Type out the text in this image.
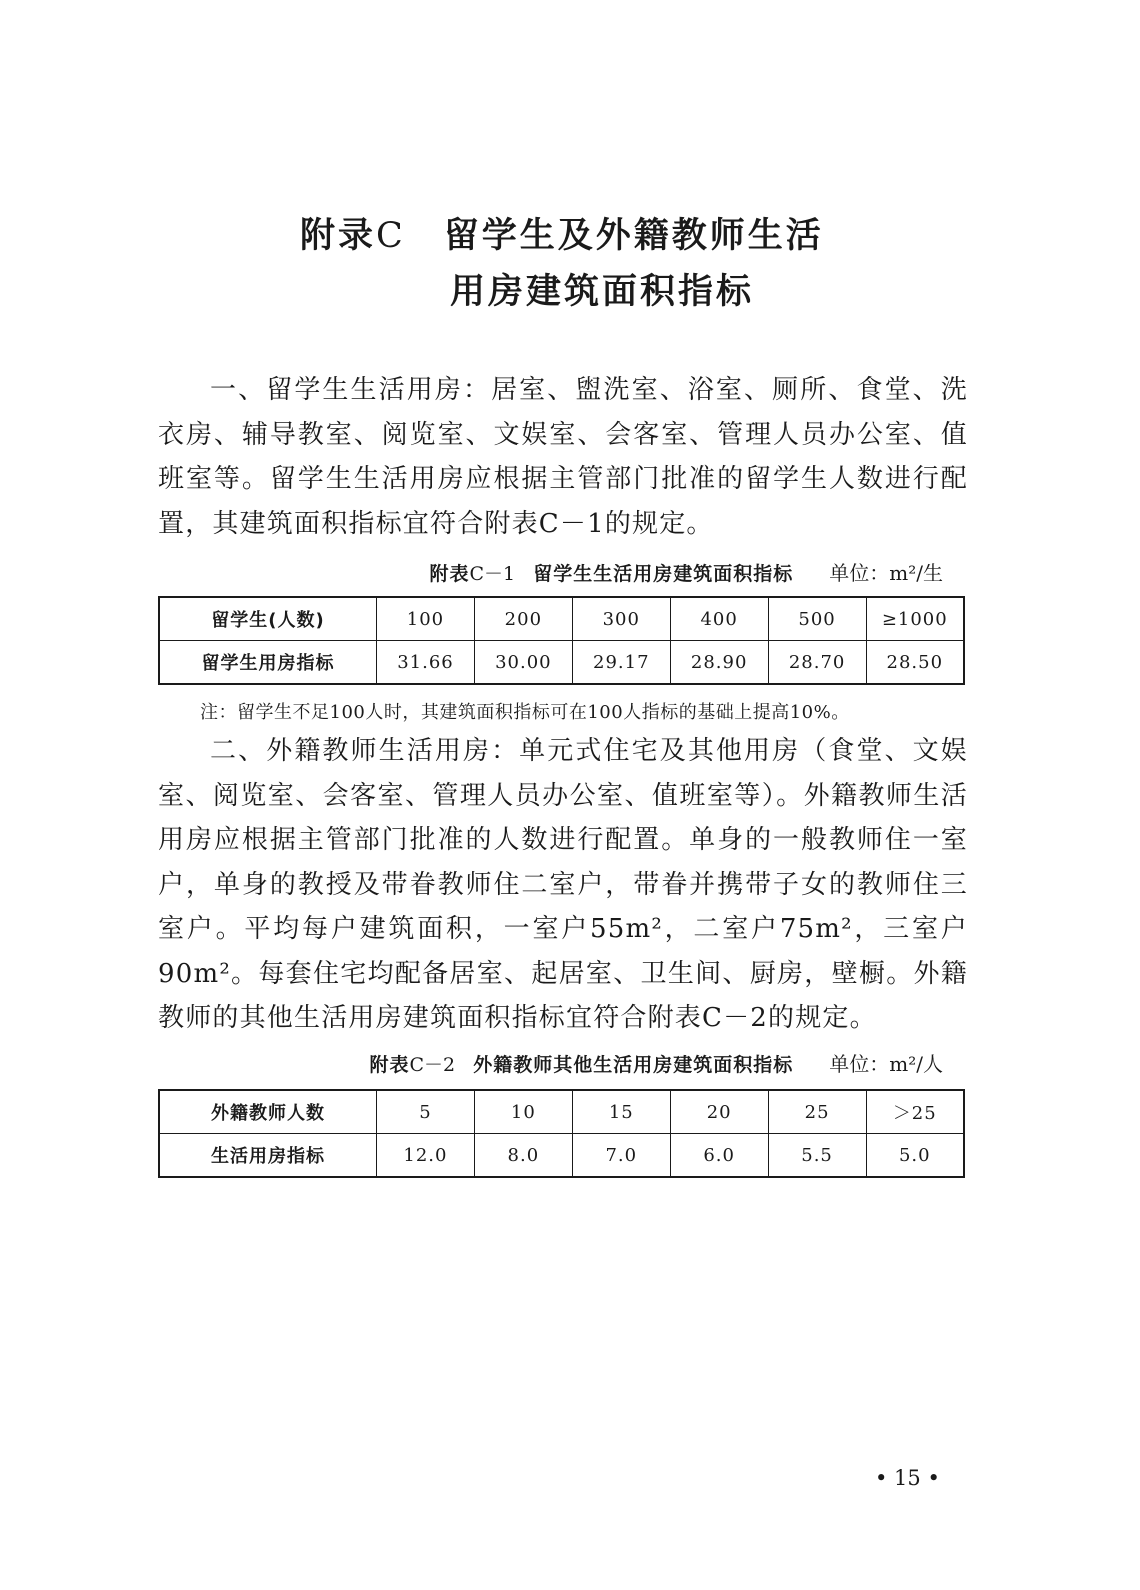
附录C 留学生及外籍教师生活
用房建筑面积指标

一、留学生生活用房：居室、盥洗室、浴室、厕所、食堂、洗衣房、辅导教室、阅览室、文娱室、会客室、管理人员办公室、值班室等。留学生生活用房应根据主管部门批准的留学生人数进行配置，其建筑面积指标宜符合附表C－1的规定。

附表C－1 留学生生活用房建筑面积指标 单位：m²/生
留学生(人数)	100	200	300	400	500	≥1000
留学生用房指标	31.66	30.00	29.17	28.90	28.70	28.50
注：留学生不足100人时，其建筑面积指标可在100人指标的基础上提高10%。

二、外籍教师生活用房：单元式住宅及其他用房（食堂、文娱室、阅览室、会客室、管理人员办公室、值班室等）。外籍教师生活用房应根据主管部门批准的人数进行配置。单身的一般教师住一室户，单身的教授及带眷教师住二室户，带眷并携带子女的教师住三室户。平均每户建筑面积，一室户55m²，二室户75m²，三室户90m²。每套住宅均配备居室、起居室、卫生间、厨房，壁橱。外籍教师的其他生活用房建筑面积指标宜符合附表C－2的规定。

附表C－2 外籍教师其他生活用房建筑面积指标 单位：m²/人
外籍教师人数	5	10	15	20	25	＞25
生活用房指标	12.0	8.0	7.0	6.0	5.5	5.0
• 15 •
